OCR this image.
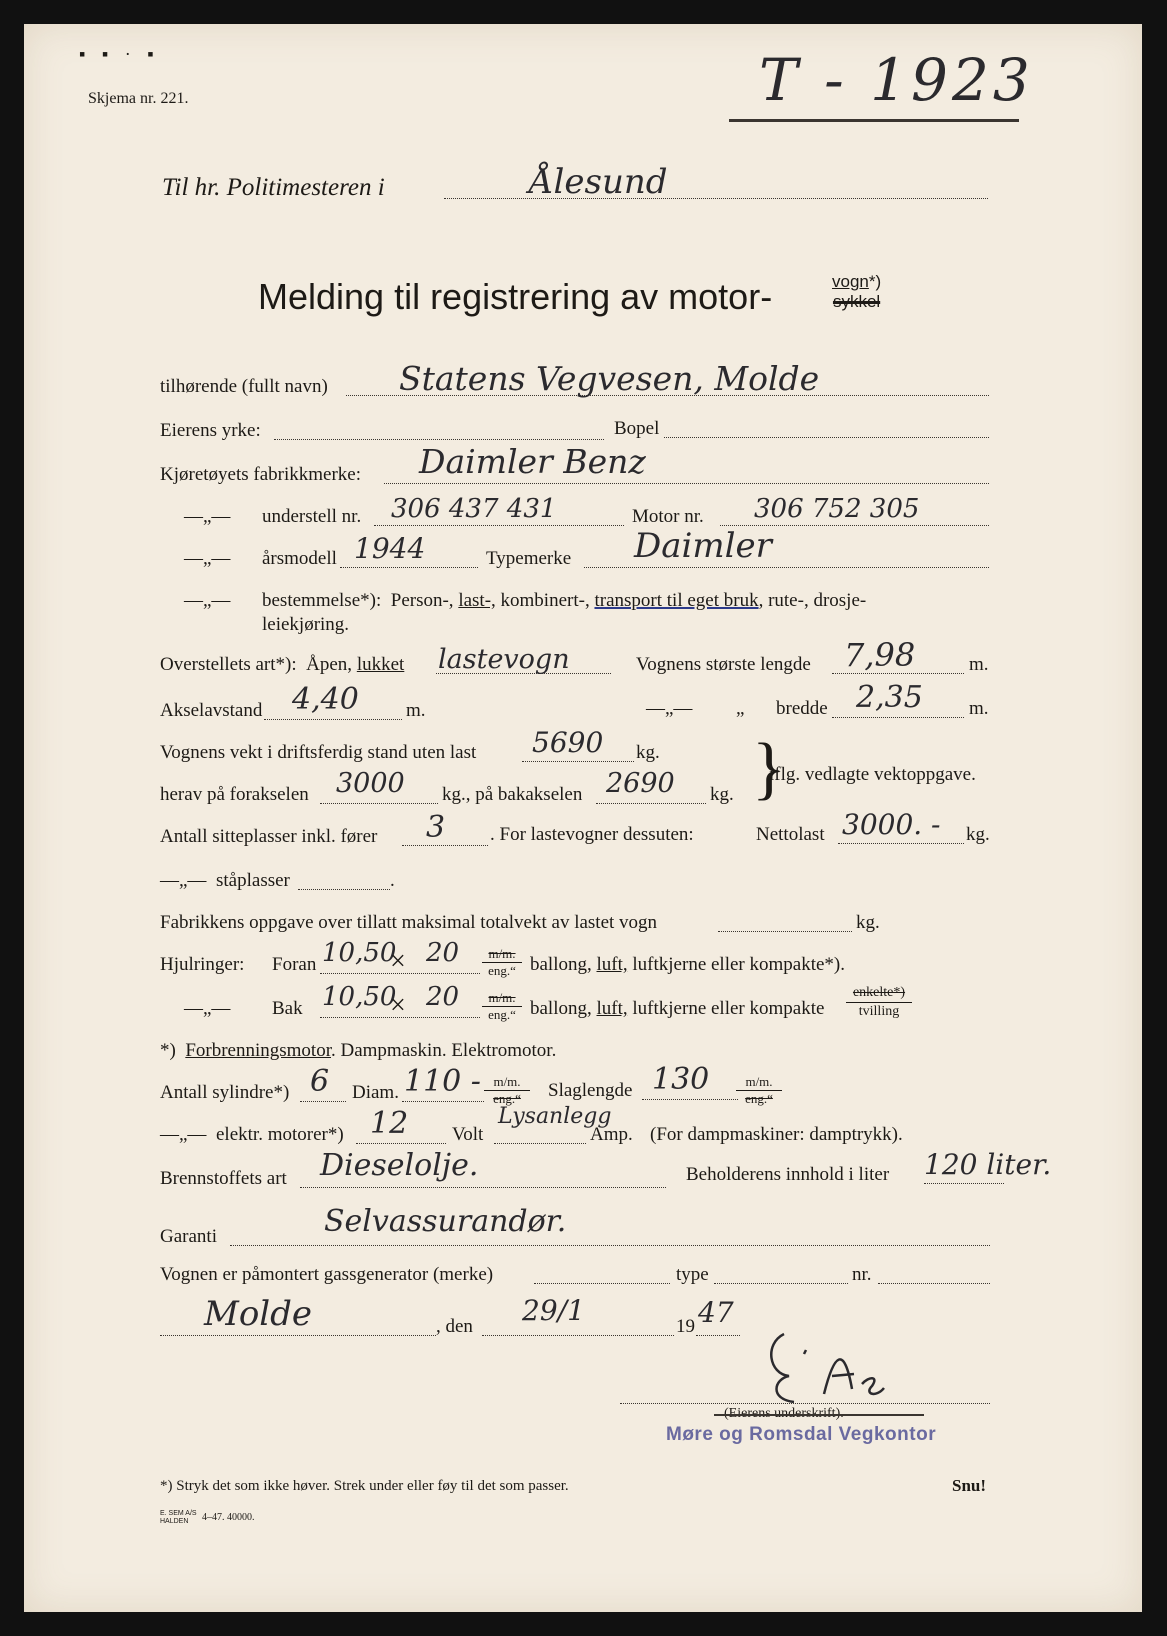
▪ ▪ · ▪
Skjema nr. 221.	T - 1923
Til hr. Politimesteren i	Ålesund
Melding til registrering av motor-	vogn*)
sykkel
tilhørende (fullt navn) Statens Vegvesen, Molde
Eierens yrke:	Bopel
Kjøretøyets fabrikkmerke: Daimler Benz
—„— understell nr. 306 437 431	Motor nr. 306 752 305
—„— årsmodell 1944	Typemerke Daimler
—„— bestemmelse*): Person-, last-, kombinert-, transport til eget bruk, rute-, drosje-
leiekjøring.
Overstellets art*): Åpen, lukket lastevogn	Vognens største lengde 7,98	m.
Akselavstand 4,40 m.	—„— „ bredde 2,35 m.
Vognens vekt i driftsferdig stand uten last 5690 kg.
herav på forakselen 3000 kg., på bakakselen 2690 kg. }
iflg. vedlagte vektoppgave.
Antall sitteplasser inkl. fører 3 . For lastevogner dessuten:	Nettolast 3000. - kg.
—„— ståplasser	.
Fabrikkens oppgave over tillatt maksimal totalvekt av lastet vogn	kg.
Hjulringer: Foran 10,50
× 20	m/m.
eng.“ ballong, luft, luftkjerne eller kompakte*).
—„— Bak 10,50
× 20	m/m.
eng.“ ballong, luft, luftkjerne eller kompakte
enkelte*)
tvilling
*) Forbrenningsmotor. Dampmaskin. Elektromotor.
Antall sylindre*) 6 Diam. 110 - m/m.
eng.“	Slaglengde 130	m/m.
eng.“
—„— elektr. motorer*) 12 Volt
Lysanlegg
Amp. (For dampmaskiner: damptrykk).
Brennstoffets art Dieselolje.	Beholderens innhold i liter 120 liter.
Garanti	Selvassurandør.
Vognen er påmontert gassgenerator (merke)	type	nr.
Molde	, den 29/1	19 47
(Eierens underskrift).
Møre og Romsdal Vegkontor
*) Stryk det som ikke høver. Strek under eller føy til det som passer.	Snu!
E. SEM A/S
HALDEN	4–47. 40000.
